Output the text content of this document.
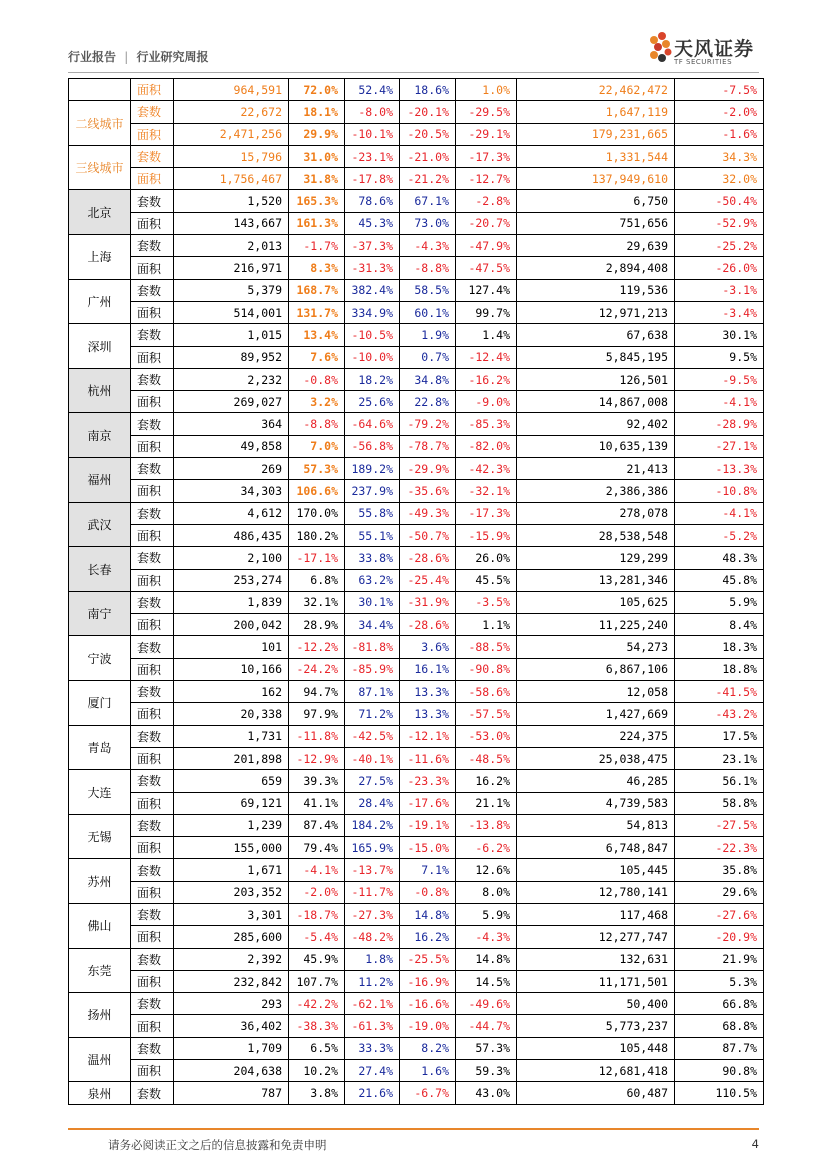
行业报告 | 行业研究周报	天风证券
TF SECURITIES
	面积	964,591	72.0%	52.4%	18.6%	1.0%	22,462,472	-7.5%
二线城市	套数	22,672	18.1%	-8.0%	-20.1%	-29.5%	1,647,119	-2.0%
	面积	2,471,256	29.9%	-10.1%	-20.5%	-29.1%	179,231,665	-1.6%
三线城市	套数	15,796	31.0%	-23.1%	-21.0%	-17.3%	1,331,544	34.3%
	面积	1,756,467	31.8%	-17.8%	-21.2%	-12.7%	137,949,610	32.0%
北京	套数	1,520	165.3%	78.6%	67.1%	-2.8%	6,750	-50.4%
	面积	143,667	161.3%	45.3%	73.0%	-20.7%	751,656	-52.9%
上海	套数	2,013	-1.7%	-37.3%	-4.3%	-47.9%	29,639	-25.2%
	面积	216,971	8.3%	-31.3%	-8.8%	-47.5%	2,894,408	-26.0%
广州	套数	5,379	168.7%	382.4%	58.5%	127.4%	119,536	-3.1%
	面积	514,001	131.7%	334.9%	60.1%	99.7%	12,971,213	-3.4%
深圳	套数	1,015	13.4%	-10.5%	1.9%	1.4%	67,638	30.1%
	面积	89,952	7.6%	-10.0%	0.7%	-12.4%	5,845,195	9.5%
杭州	套数	2,232	-0.8%	18.2%	34.8%	-16.2%	126,501	-9.5%
	面积	269,027	3.2%	25.6%	22.8%	-9.0%	14,867,008	-4.1%
南京	套数	364	-8.8%	-64.6%	-79.2%	-85.3%	92,402	-28.9%
	面积	49,858	7.0%	-56.8%	-78.7%	-82.0%	10,635,139	-27.1%
福州	套数	269	57.3%	189.2%	-29.9%	-42.3%	21,413	-13.3%
	面积	34,303	106.6%	237.9%	-35.6%	-32.1%	2,386,386	-10.8%
武汉	套数	4,612	170.0%	55.8%	-49.3%	-17.3%	278,078	-4.1%
	面积	486,435	180.2%	55.1%	-50.7%	-15.9%	28,538,548	-5.2%
长春	套数	2,100	-17.1%	33.8%	-28.6%	26.0%	129,299	48.3%
	面积	253,274	6.8%	63.2%	-25.4%	45.5%	13,281,346	45.8%
南宁	套数	1,839	32.1%	30.1%	-31.9%	-3.5%	105,625	5.9%
	面积	200,042	28.9%	34.4%	-28.6%	1.1%	11,225,240	8.4%
宁波	套数	101	-12.2%	-81.8%	3.6%	-88.5%	54,273	18.3%
	面积	10,166	-24.2%	-85.9%	16.1%	-90.8%	6,867,106	18.8%
厦门	套数	162	94.7%	87.1%	13.3%	-58.6%	12,058	-41.5%
	面积	20,338	97.9%	71.2%	13.3%	-57.5%	1,427,669	-43.2%
青岛	套数	1,731	-11.8%	-42.5%	-12.1%	-53.0%	224,375	17.5%
	面积	201,898	-12.9%	-40.1%	-11.6%	-48.5%	25,038,475	23.1%
大连	套数	659	39.3%	27.5%	-23.3%	16.2%	46,285	56.1%
	面积	69,121	41.1%	28.4%	-17.6%	21.1%	4,739,583	58.8%
无锡	套数	1,239	87.4%	184.2%	-19.1%	-13.8%	54,813	-27.5%
	面积	155,000	79.4%	165.9%	-15.0%	-6.2%	6,748,847	-22.3%
苏州	套数	1,671	-4.1%	-13.7%	7.1%	12.6%	105,445	35.8%
	面积	203,352	-2.0%	-11.7%	-0.8%	8.0%	12,780,141	29.6%
佛山	套数	3,301	-18.7%	-27.3%	14.8%	5.9%	117,468	-27.6%
	面积	285,600	-5.4%	-48.2%	16.2%	-4.3%	12,277,747	-20.9%
东莞	套数	2,392	45.9%	1.8%	-25.5%	14.8%	132,631	21.9%
	面积	232,842	107.7%	11.2%	-16.9%	14.5%	11,171,501	5.3%
扬州	套数	293	-42.2%	-62.1%	-16.6%	-49.6%	50,400	66.8%
	面积	36,402	-38.3%	-61.3%	-19.0%	-44.7%	5,773,237	68.8%
温州	套数	1,709	6.5%	33.3%	8.2%	57.3%	105,448	87.7%
	面积	204,638	10.2%	27.4%	1.6%	59.3%	12,681,418	90.8%
泉州	套数	787	3.8%	21.6%	-6.7%	43.0%	60,487	110.5%
请务必阅读正文之后的信息披露和免责申明	4
